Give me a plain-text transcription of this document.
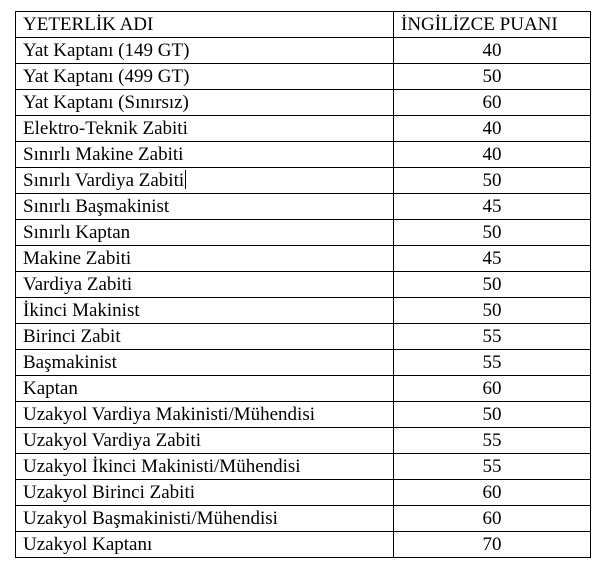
YETERLİK ADI	İNGİLİZCE PUANI
Yat Kaptanı (149 GT)	40
Yat Kaptanı (499 GT)	50
Yat Kaptanı (Sınırsız)	60
Elektro-Teknik Zabiti	40
Sınırlı Makine Zabiti	40
Sınırlı Vardiya Zabiti	50
Sınırlı Başmakinist	45
Sınırlı Kaptan	50
Makine Zabiti	45
Vardiya Zabiti	50
İkinci Makinist	50
Birinci Zabit	55
Başmakinist	55
Kaptan	60
Uzakyol Vardiya Makinisti/Mühendisi	50
Uzakyol Vardiya Zabiti	55
Uzakyol İkinci Makinisti/Mühendisi	55
Uzakyol Birinci Zabiti	60
Uzakyol Başmakinisti/Mühendisi	60
Uzakyol Kaptanı	70
